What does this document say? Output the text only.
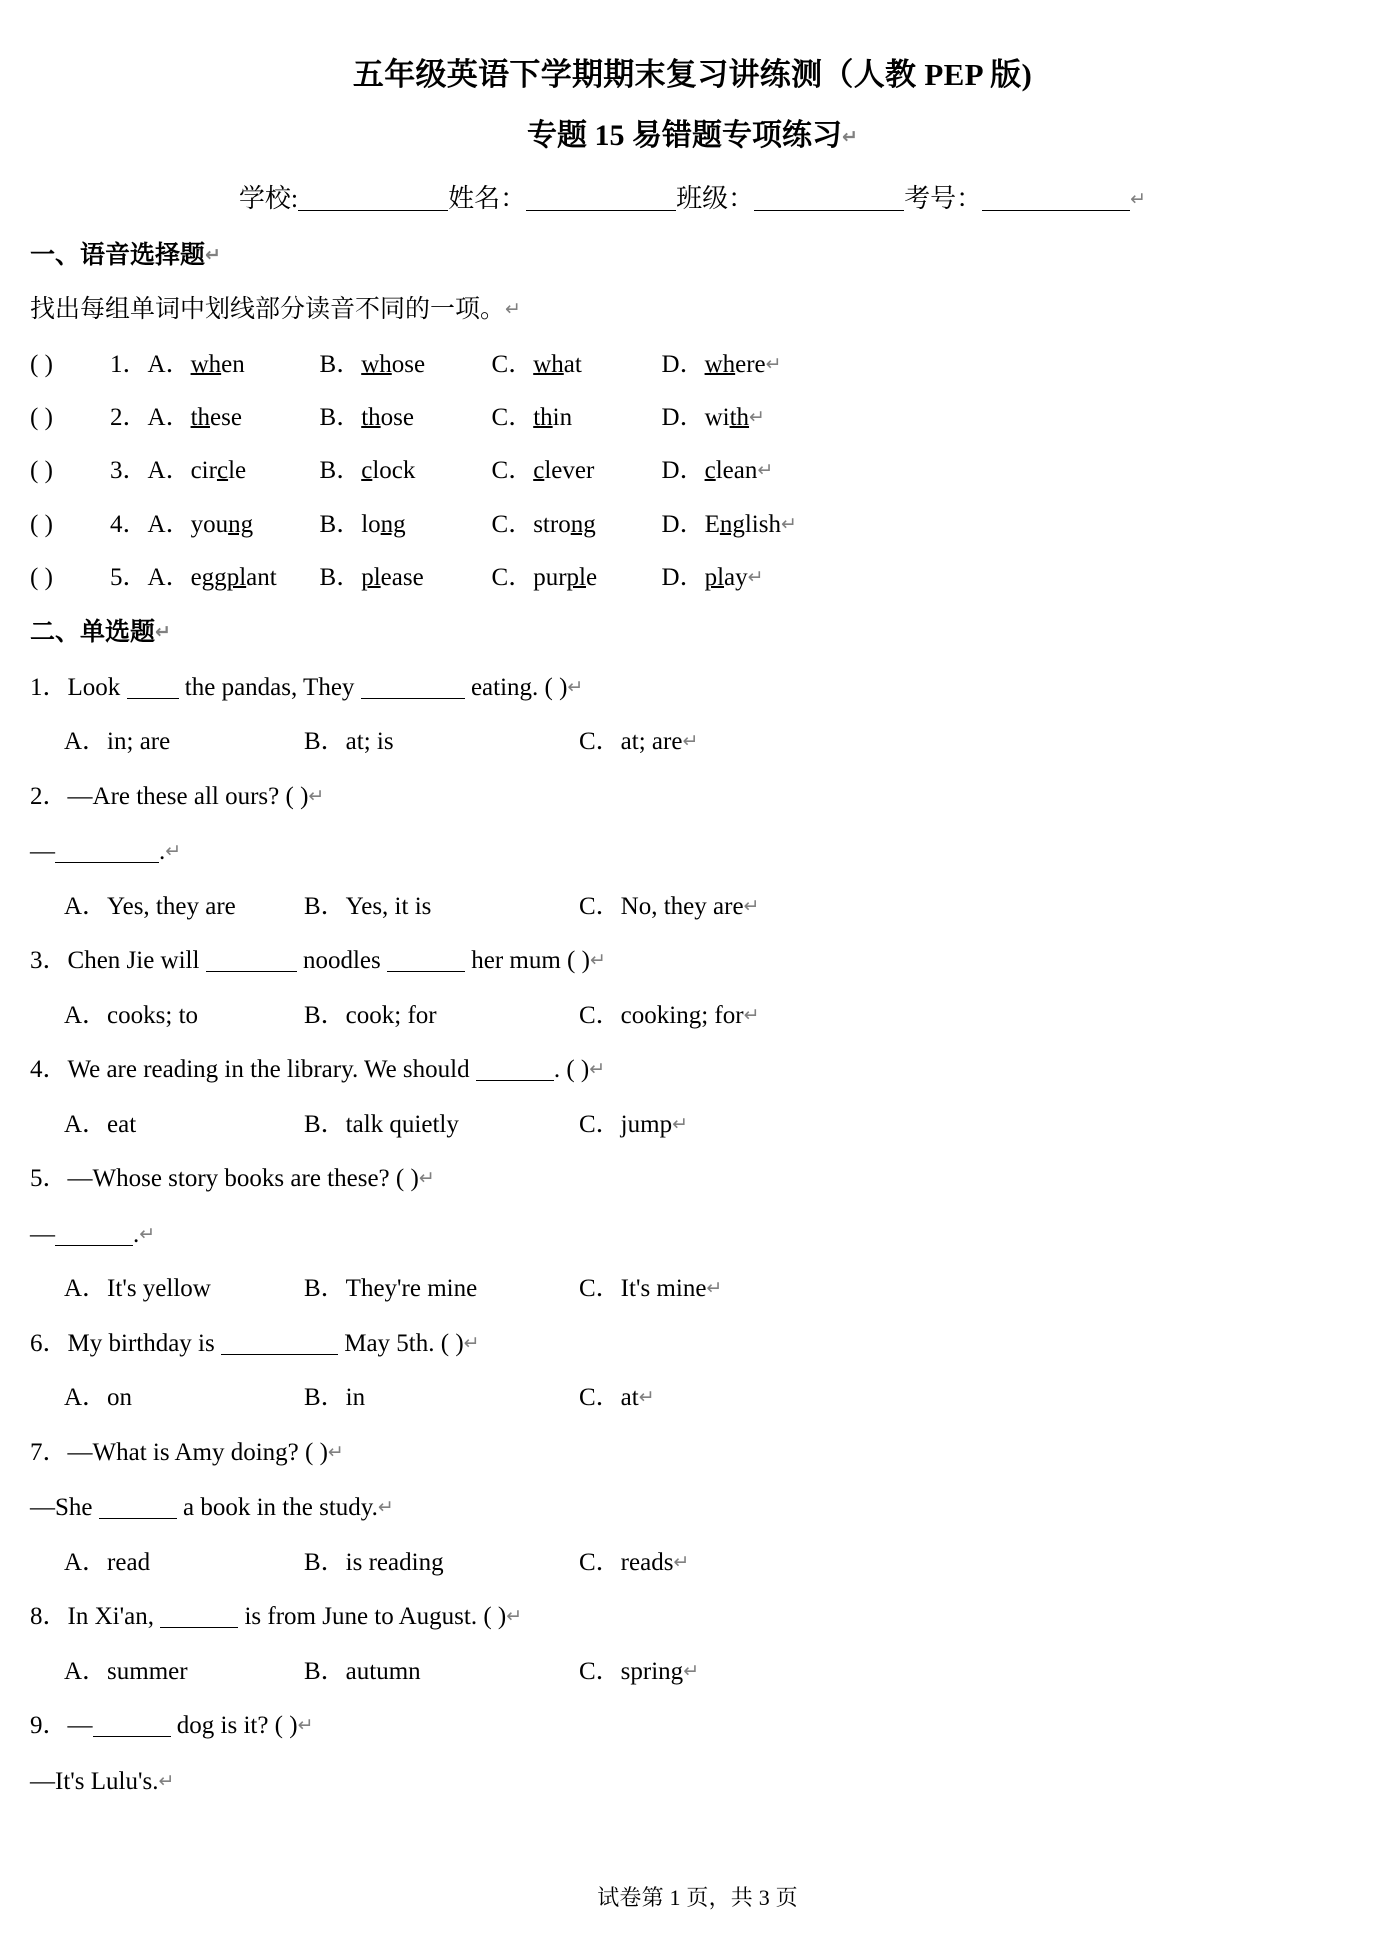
五年级英语下学期期末复习讲练测（人教 PEP 版)
专题 15 易错题专项练习↵
学校:	姓名：	班级：	考号：	↵
一、语音选择题↵
找出每组单词中划线部分读音不同的一项。↵
( ) 1．A．when	B．whose	C．what	D．where↵
( ) 2．A．these	B．those	C．thin	D．with↵
( ) 3．A．circle	B．clock	C．clever	D．clean↵
( ) 4．A．young	B．long	C．strong	D．English↵
( ) 5．A．eggplant B．please	C．purple	D．play↵
二、单选题↵
1．Look  the pandas, They	eating. ( )↵
A．in; are	B．at; is	C．at; are↵
2．—Are these all ours? ( )↵
—	.↵
A．Yes, they are	B．Yes, it is	C．No, they are↵
3．Chen Jie will	noodles	her mum ( )↵
A．cooks; to	B．cook; for	C．cooking; for↵
4．We are reading in the library. We should	. ( )↵
A．eat	B．talk quietly	C．jump↵
5．—Whose story books are these? ( )↵
—	.↵
A．It's yellow	B．They're mine	C．It's mine↵
6．My birthday is	May 5th. ( )↵
A．on	B．in	C．at↵
7．—What is Amy doing? ( )↵
—She	a book in the study.↵
A．read	B．is reading	C．reads↵
8．In Xi'an,	is from June to August. ( )↵
A．summer	B．autumn	C．spring↵
9．—	dog is it? ( )↵
—It's Lulu's.↵
试卷第 1 页，共 3 页
